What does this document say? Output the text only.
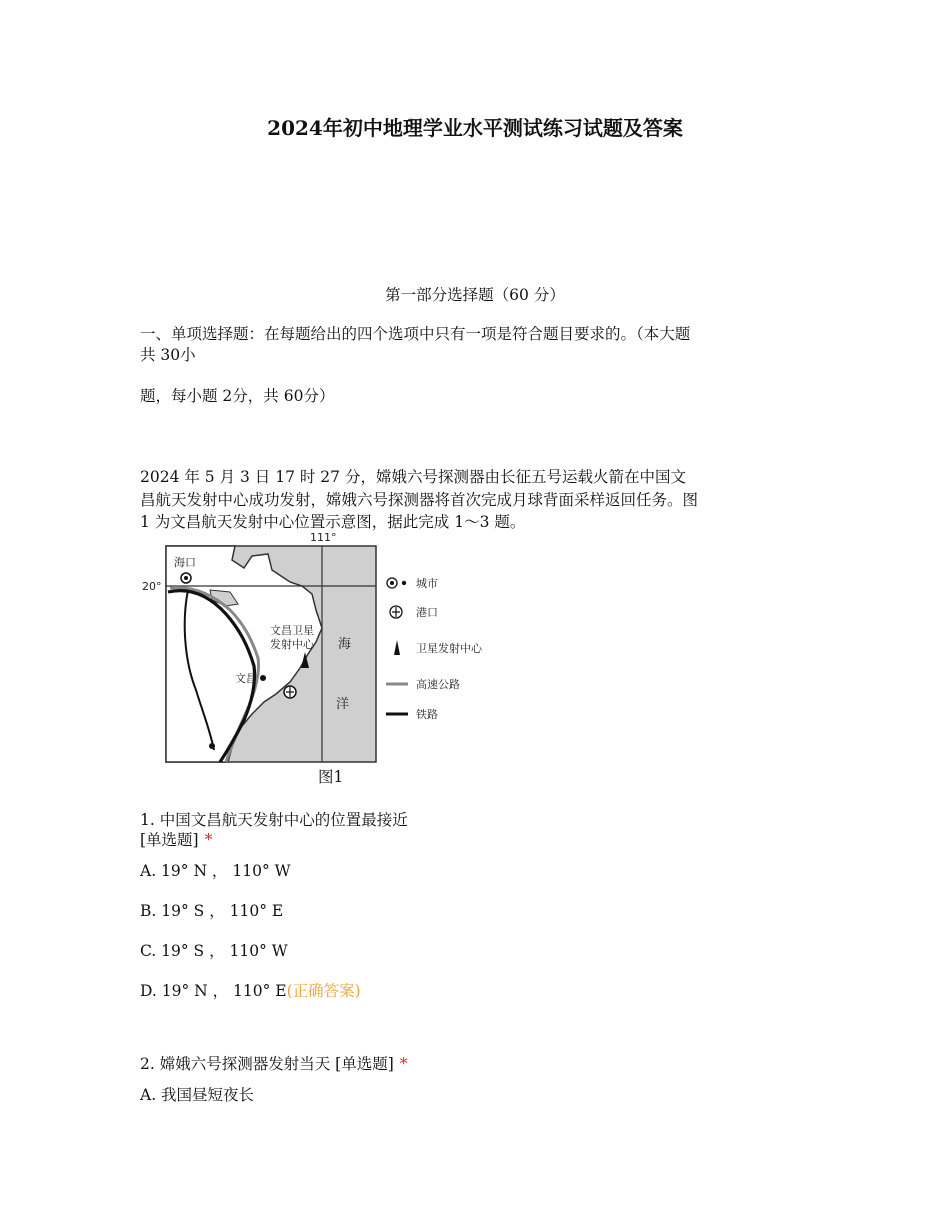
2024年初中地理学业水平测试练习试题及答案
第一部分选择题（60 分）
一、单项选择题：在每题给出的四个选项中只有一项是符合题目要求的。（本大题
共 30小
题，每小题 2分，共 60分）
2024 年 5 月 3 日 17 时 27 分，嫦娥六号探测器由长征五号运载火箭在中国文
昌航天发射中心成功发射，嫦娥六号探测器将首次完成月球背面采样返回任务。图
1 为文昌航天发射中心位置示意图，据此完成 1～3 题。
111°
20°
海口
文昌卫星
发射中心
文昌
海
洋
城市
港口
卫星发射中心
高速公路
铁路
图1
1. 中国文昌航天发射中心的位置最接近
[单选题] *
A. 19° N ， 110° W
B. 19° S ， 110° E
C. 19° S ， 110° W
D. 19° N ， 110° E(正确答案)
2. 嫦娥六号探测器发射当天 [单选题] *
A. 我国昼短夜长
